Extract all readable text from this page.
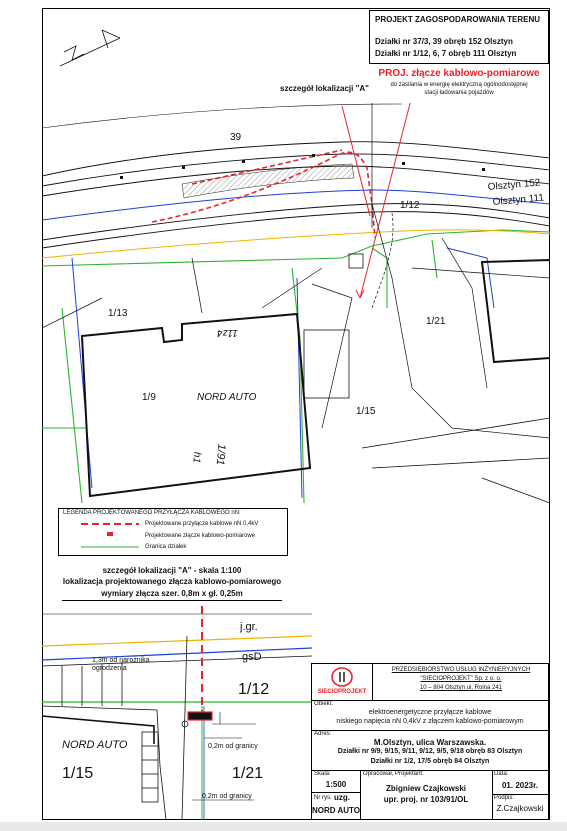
39
1/12
Olsztyn 152
Olsztyn 111
1/13
1/21
1/9
1/15
NORD AUTO
11z4
1/91
h1
PROJEKT ZAGOSPODAROWANIA TERENU
Działki nr 37/3, 39 obręb 152 Olsztyn
Działki nr 1/12, 6, 7 obręb 111 Olsztyn
PROJ. złącze kablowo-pomiarowe
do zasilania w energię elektryczną ogólnodostępnej
stacji ładowania pojazdów
szczegół lokalizacji "A"
LEGENDA PROJEKTOWANEGO PRZYŁĄCZA KABLOWEGO nN:
Projektowane przyłącze kablowe nN 0,4kV
Projektowane złącze kablowo-pomiarowe
Granica działek
szczegół lokalizacji "A" - skala 1:100
lokalizacja projektowanego złącza kablowo-pomiarowego
wymiary złącza szer. 0,8m x gł. 0,25m
j.gr.
gsD
1,3m od narożnika
ogrodzenia
1/12
NORD AUTO
1/15	1/21
0,2m od granicy
0,2m od granicy
SIECIOPROJEKT
PRZEDSIĘBIORSTWO USŁUG INŻYNIERYJNYCH
"SIECIOPROJEKT" Sp. z o. o.
10 – 804 Olsztyn ul. Rolna 241
Obiekt:
elektroenergetyczne przyłącze kablowe
niskiego napięcia nN 0,4kV z złączem kablowo-pomiarowym
Adres:
M.Olsztyn, ulica Warszawska.
Działki nr 9/9, 9/15, 9/11, 9/12, 9/5, 9/18 obręb 83 Olsztyn
Działki nr 1/2, 17/5 obręb 84 Olsztyn
Skala:
1:500
Nr rys. uzg.
NORD AUTO
Opracował, Projektant:
Zbigniew Czajkowski
upr. proj. nr 103/91/OL
Data:
01. 2023r.
Podpis:
Z.Czajkowski
